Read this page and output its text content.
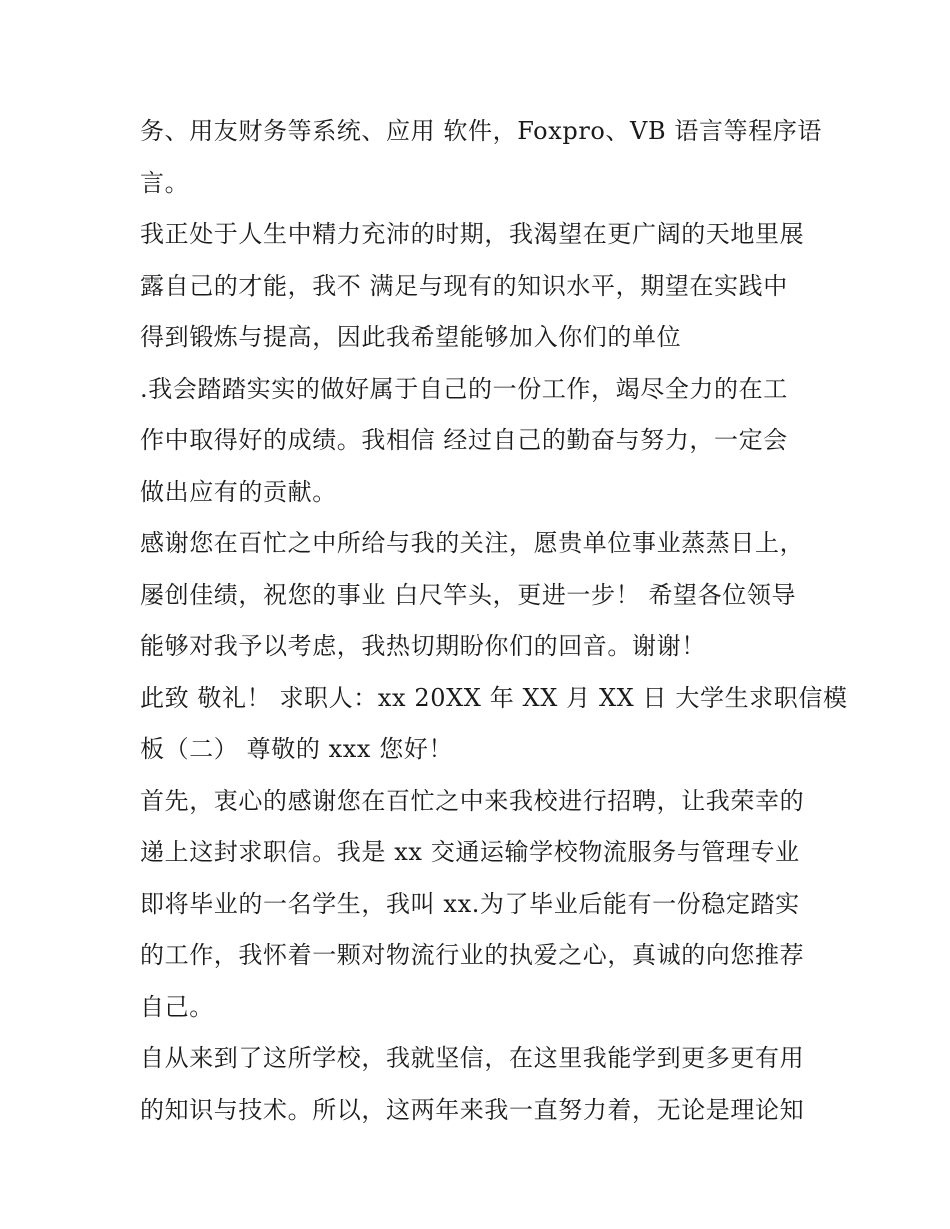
务、用友财务等系统、应用 软件，Foxpro、VB 语言等程序语
言。
我正处于人生中精力充沛的时期，我渴望在更广阔的天地里展
露自己的才能，我不 满足与现有的知识水平，期望在实践中
得到锻炼与提高，因此我希望能够加入你们的单位
.我会踏踏实实的做好属于自己的一份工作，竭尽全力的在工
作中取得好的成绩。我相信 经过自己的勤奋与努力，一定会
做出应有的贡献。
感谢您在百忙之中所给与我的关注，愿贵单位事业蒸蒸日上，
屡创佳绩，祝您的事业 白尺竿头，更进一步！ 希望各位领导
能够对我予以考虑，我热切期盼你们的回音。谢谢！
此致 敬礼！ 求职人：xx 20XX 年 XX 月 XX 日 大学生求职信模
板（二） 尊敬的 xxx 您好！
首先，衷心的感谢您在百忙之中来我校进行招聘，让我荣幸的
递上这封求职信。我是 xx 交通运输学校物流服务与管理专业
即将毕业的一名学生，我叫 xx.为了毕业后能有一份稳定踏实
的工作，我怀着一颗对物流行业的执爱之心，真诚的向您推荐
自己。
自从来到了这所学校，我就坚信，在这里我能学到更多更有用
的知识与技术。所以，这两年来我一直努力着，无论是理论知
